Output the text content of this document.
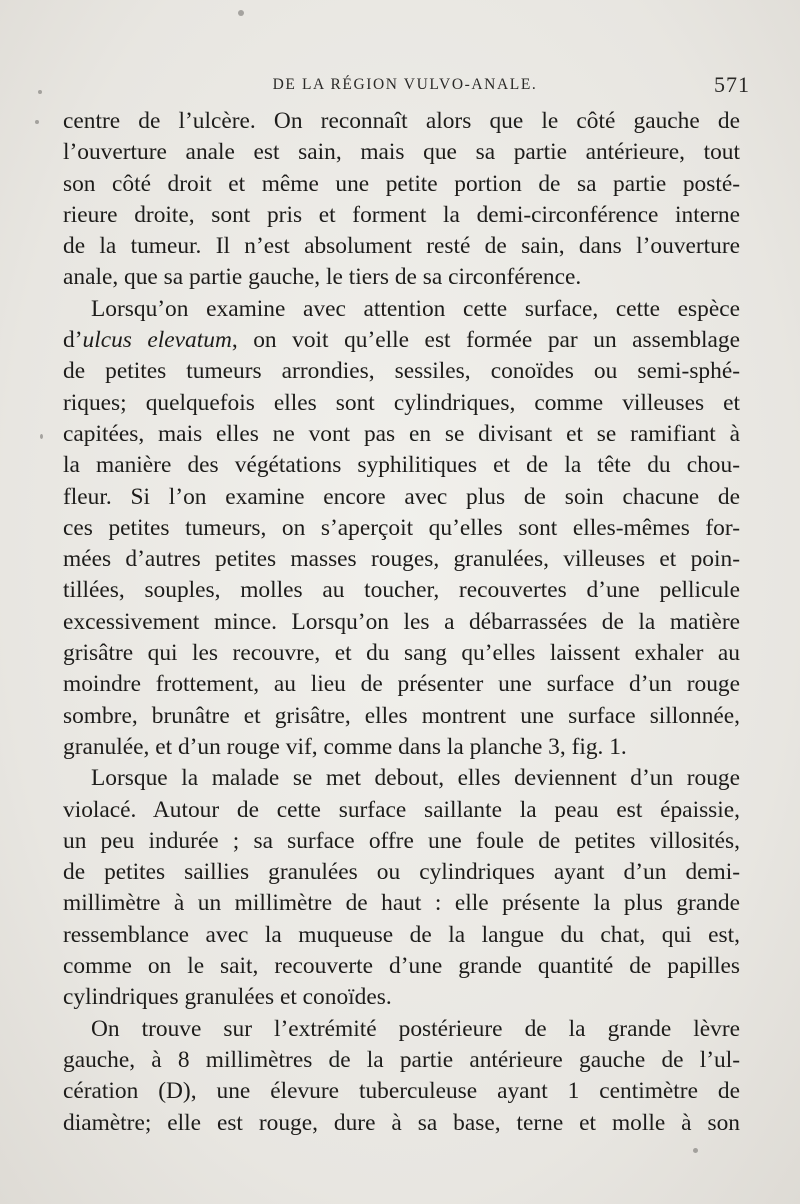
DE LA RÉGION VULVO-ANALE.	571
centre de l’ulcère. On reconnaît alors que le côté gauche de
l’ouverture anale est sain, mais que sa partie antérieure, tout
son côté droit et même une petite portion de sa partie posté-
rieure droite, sont pris et forment la demi-circonférence interne
de la tumeur. Il n’est absolument resté de sain, dans l’ouverture
anale, que sa partie gauche, le tiers de sa circonférence.
Lorsqu’on examine avec attention cette surface, cette espèce
d’ulcus elevatum, on voit qu’elle est formée par un assemblage
de petites tumeurs arrondies, sessiles, conoïdes ou semi-sphé-
riques; quelquefois elles sont cylindriques, comme villeuses et
capitées, mais elles ne vont pas en se divisant et se ramifiant à
la manière des végétations syphilitiques et de la tête du chou-
fleur. Si l’on examine encore avec plus de soin chacune de
ces petites tumeurs, on s’aperçoit qu’elles sont elles-mêmes for-
mées d’autres petites masses rouges, granulées, villeuses et poin-
tillées, souples, molles au toucher, recouvertes d’une pellicule
excessivement mince. Lorsqu’on les a débarrassées de la matière
grisâtre qui les recouvre, et du sang qu’elles laissent exhaler au
moindre frottement, au lieu de présenter une surface d’un rouge
sombre, brunâtre et grisâtre, elles montrent une surface sillonnée,
granulée, et d’un rouge vif, comme dans la planche 3, fig. 1.
Lorsque la malade se met debout, elles deviennent d’un rouge
violacé. Autour de cette surface saillante la peau est épaissie,
un peu indurée ; sa surface offre une foule de petites villosités,
de petites saillies granulées ou cylindriques ayant d’un demi-
millimètre à un millimètre de haut : elle présente la plus grande
ressemblance avec la muqueuse de la langue du chat, qui est,
comme on le sait, recouverte d’une grande quantité de papilles
cylindriques granulées et conoïdes.
On trouve sur l’extrémité postérieure de la grande lèvre
gauche, à 8 millimètres de la partie antérieure gauche de l’ul-
cération (D), une élevure tuberculeuse ayant 1 centimètre de
diamètre; elle est rouge, dure à sa base, terne et molle à son
